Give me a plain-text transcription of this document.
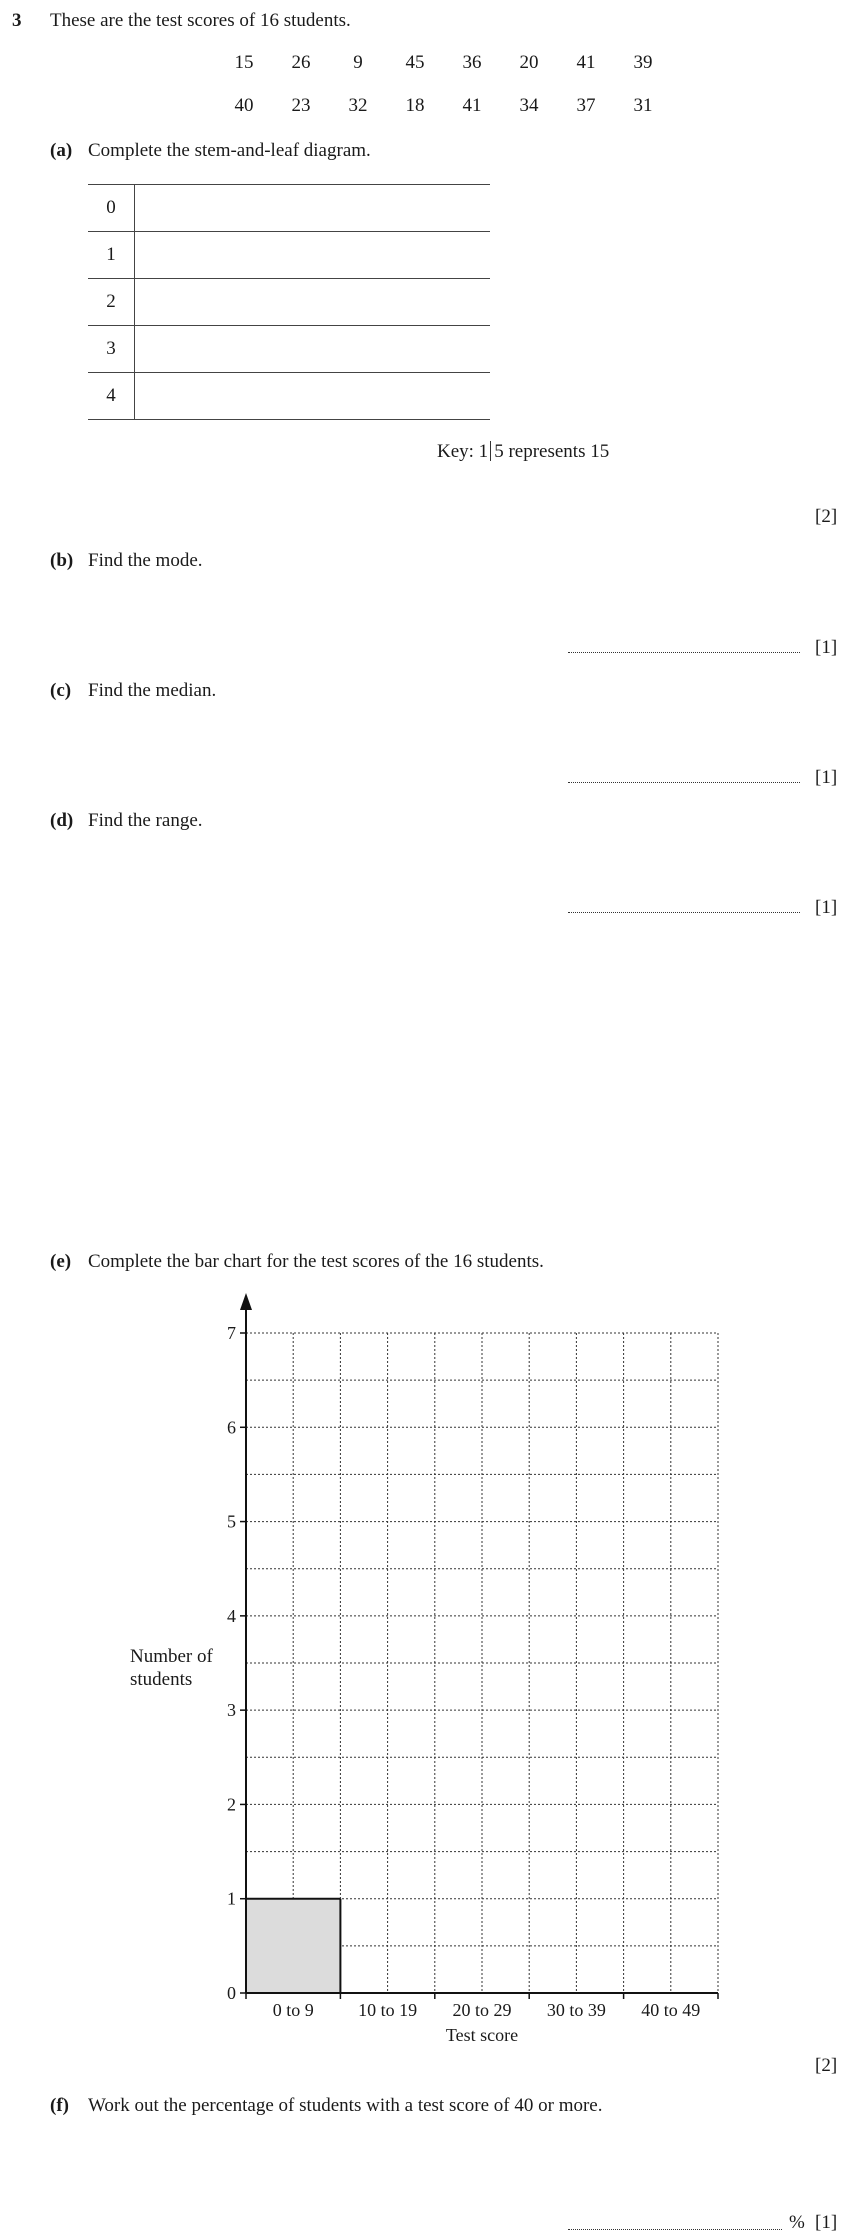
3 These are the test scores of 16 students.
15	26	9	45	36	20	41	39
40	23	32	18	41	34	37	31
(a) Complete the stem-and-leaf diagram.
0	
1	
2	
3	
4	
Key: 1 5 represents 15
[2]
(b) Find the mode.
[1]
(c) Find the median.
[1]
(d) Find the range.
[1]
(e) Complete the bar chart for the test scores of the 16 students.
Number of
students
0
1
2
3
4
5
6
7
0 to 9 10 to 19 20 to 29 30 to 39 40 to 49
Test score
[2]
(f) Work out the percentage of students with a test score of 40 or more.
% [1]
